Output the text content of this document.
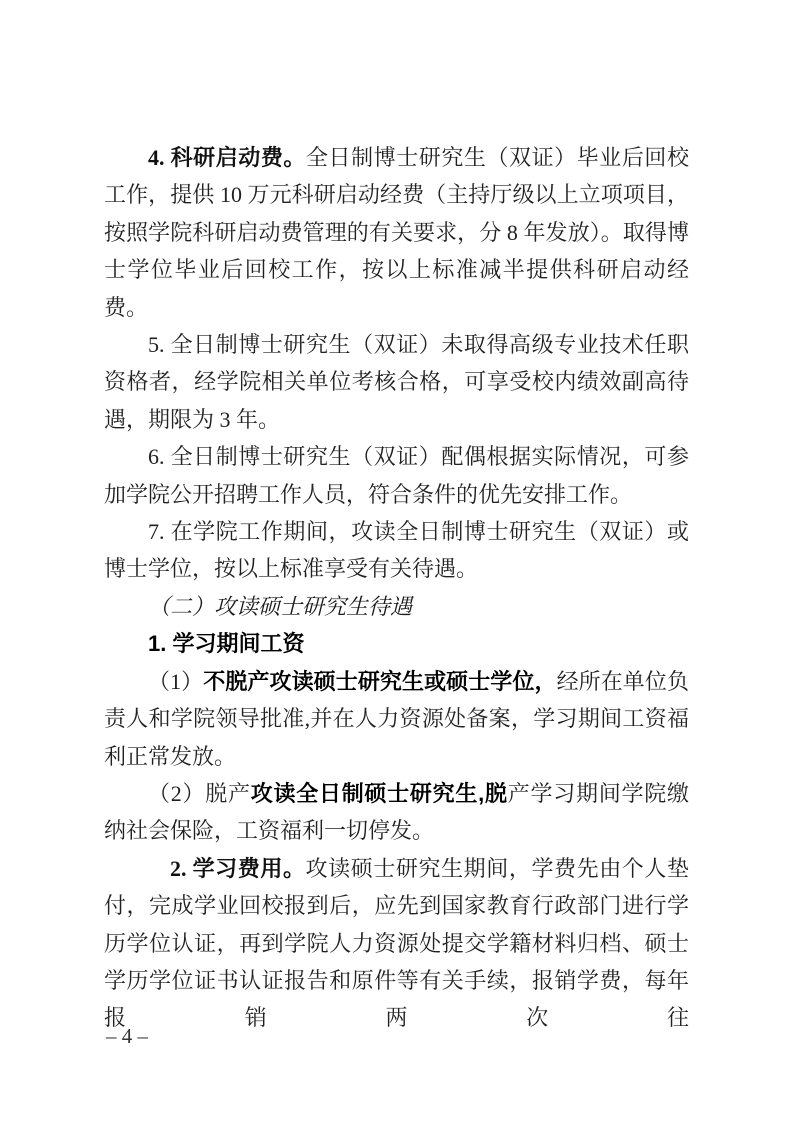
4. 科研启动费。全日制博士研究生（双证）毕业后回校工作，提供 10 万元科研启动经费（主持厅级以上立项项目，按照学院科研启动费管理的有关要求，分 8 年发放）。取得博士学位毕业后回校工作，按以上标准减半提供科研启动经费。

5. 全日制博士研究生（双证）未取得高级专业技术任职资格者，经学院相关单位考核合格，可享受校内绩效副高待遇，期限为 3 年。

6. 全日制博士研究生（双证）配偶根据实际情况，可参加学院公开招聘工作人员，符合条件的优先安排工作。

7. 在学院工作期间，攻读全日制博士研究生（双证）或博士学位，按以上标准享受有关待遇。

（二）攻读硕士研究生待遇

1. 学习期间工资

（1）不脱产攻读硕士研究生或硕士学位，经所在单位负责人和学院领导批准,并在人力资源处备案，学习期间工资福利正常发放。

（2）脱产攻读全日制硕士研究生,脱产学习期间学院缴纳社会保险，工资福利一切停发。

2. 学习费用。攻读硕士研究生期间，学费先由个人垫付，完成学业回校报到后，应先到国家教育行政部门进行学历学位认证，再到学院人力资源处提交学籍材料归档、硕士学历学位证书认证报告和原件等有关手续，报销学费，每年报销两次往

– 4 –
